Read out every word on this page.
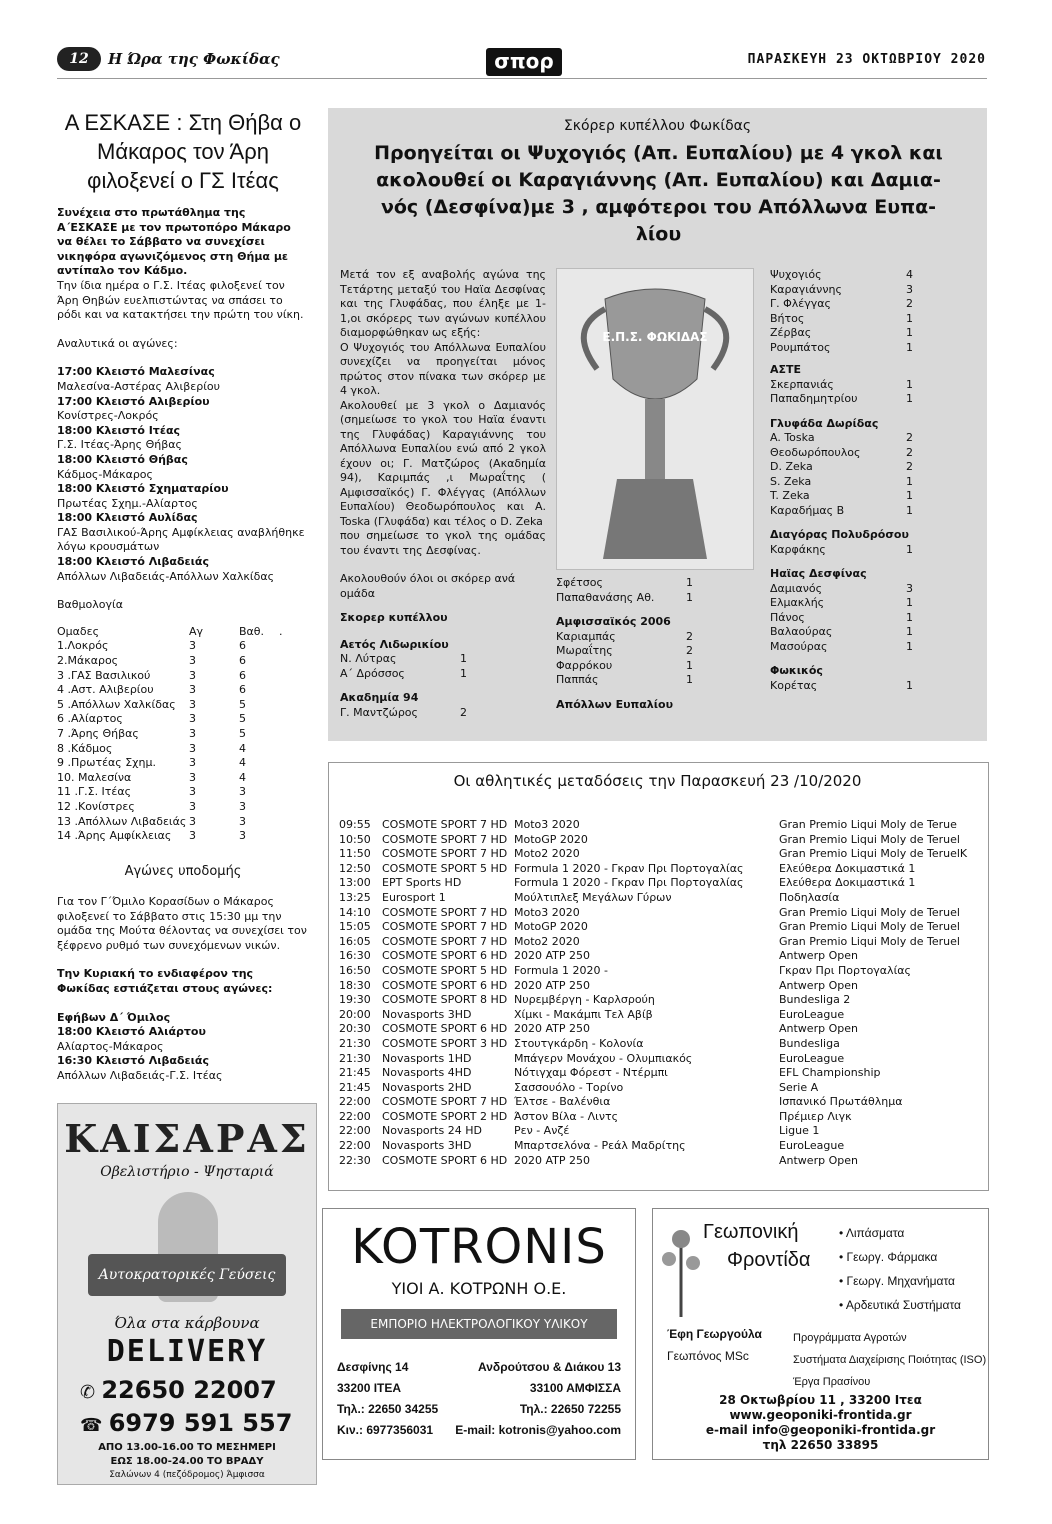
12	Η Ώρα της Φωκίδας	σπορ	ΠΑΡΑΣΚΕΥΗ 23 ΟΚΤΩΒΡΙΟΥ 2020
Α ΕΣΚΑΣΕ : Στη Θήβα ο
Μάκαρος τον Άρη
φιλοξενεί ο ΓΣ Ιτέας

Συνέχεια στο πρωτάθλημα της Α΄ΕΣΚΑΣΕ με τον πρωτοπόρο Μάκαρο να θέλει το Σάββατο να συνεχίσει νικηφόρα αγωνιζόμενος στη Θήμα με αντίπαλο τον Κάδμο.

Την ίδια ημέρα ο Γ.Σ. Ιτέας φιλοξενεί τον Άρη Θηβών ευελπιστώντας να σπάσει το ρόδι και να κατακτήσει την πρώτη του νίκη.

Αναλυτικά οι αγώνες:

17:00 Κλειστό Μαλεσίνας
Μαλεσίνα-Αστέρας Αλιβερίου
17:00 Κλειστό Αλιβερίου
Κονίστρες-Λοκρός
18:00 Κλειστό Ιτέας
Γ.Σ. Ιτέας-Άρης Θήβας
18:00 Κλειστό Θήβας
Κάδμος-Μάκαρος
18:00 Κλειστό Σχηματαρίου
Πρωτέας Σχημ.-Αλίαρτος
18:00 Κλειστό Αυλίδας
ΓΑΣ Βασιλικού-Άρης Αμφίκλειας αναβλήθηκε λόγω κρουσμάτων
18:00 Κλειστό Λιβαδειάς
Απόλλων Λιβαδειάς-Απόλλων Χαλκίδας

Βαθμολογία

Ομαδες	Αγ	Βαθ.	.
1.Λοκρός	3	6	
2.Μάκαρος	3	6	
3 .ΓΑΣ Βασιλικού	3	6	
4 .Αστ. Αλιβερίου	3	6	
5 .Απόλλων Χαλκίδας	3	5	
6 .Αλίαρτος	3	5	
7 .Άρης Θήβας	3	5	
8 .Κάδμος	3	4	
9 .Πρωτέας Σχημ.	3	4	
10. Μαλεσίνα	3	4	
11 .Γ.Σ. Ιτέας	3	3	
12 .Κονίστρες	3	3	
13 .Απόλλων Λιβαδειάς	3	3	
14 .Άρης Αμφίκλειας	3	3	
Αγώνες υποδομής

Για τον Γ΄Όμιλο Κορασίδων ο Μάκαρος φιλοξενεί το Σάββατο στις 15:30 μμ την ομάδα της Μούτα θέλοντας να συνεχίσει τον ξέφρενο ρυθμό των συνεχόμενων νικών.

Την Κυριακή το ενδιαφέρον της Φωκίδας εστιάζεται στους αγώνες:

Εφήβων Δ΄ Όμιλος

18:00 Κλειστό Αλιάρτου
Αλίαρτος-Μάκαρος
16:30 Κλειστό Λιβαδειάς
Απόλλων Λιβαδειάς-Γ.Σ. Ιτέας
ΚΑΙΣΑΡΑΣ
Οβελιστήριο - Ψησταριά
Αυτοκρατορικές Γεύσεις
Όλα στα κάρβουνα
DELIVERY
✆ 22650 22007
☎ 6979 591 557
ΑΠΟ 13.00-16.00 ΤΟ ΜΕΣΗΜΕΡΙ
ΕΩΣ 18.00-24.00 ΤΟ ΒΡΑΔΥ
Σαλώνων 4 (πεζόδρομος) Άμφισσα
Σκόρερ κυπέλλου Φωκίδας
Προηγείται οι Ψυχογιός (Απ. Ευπαλίου) με 4 γκολ και
ακολουθεί οι Καραγιάννης (Απ. Ευπαλίου) και Δαμια-
νός (Δεσφίνα)με 3 , αμφότεροι του Απόλλωνα Ευπα-
λίου

Μετά τον εξ αναβολής αγώνα της Τετάρτης μεταξύ του Ηαϊα Δεσφίνας και της Γλυφάδας, που έληξε με 1-1,οι σκόρερς των αγώνων κυπέλλου διαμορφώθηκαν ως εξής:

Ο Ψυχογιός του Απόλλωνα Ευπαλίου συνεχίζει να προηγείται μόνος πρώτος στον πίνακα των σκόρερ με 4 γκολ.

Ακολουθεί με 3 γκολ ο Δαμιανός (σημείωσε το γκολ του Ηαϊα έναντι της Γλυφάδας) Καραγιάννης του Απόλλωνα Ευπαλίου ενώ από 2 γκολ έχουν οι; Γ. Ματζώρος (Ακαδημία 94), Καριμπάς ,ι Μωραΐτης ( Αμφισσαϊκός) Γ. Φλέγγας (Απόλλων Ευπαλίου) Θεοδωρόπουλος και Α. Toska (Γλυφάδα) και τέλος ο D. Zeka

που σημείωσε το γκολ της ομάδας του έναντι της Δεσφίνας.

Ακολουθούν όλοι οι σκόρερ ανά ομάδα

Σκορερ κυπέλλου

Αετός Λιδωρικίου
Ν. Λύτρας	1
Α΄ Δρόσσος	1
Ακαδημία 94
Γ. Μαντζώρος	2
Ε.Π.Σ. ΦΩΚΙΔΑΣ
Σφέτσος	1
Παπαθανάσης Αθ.	1
Αμφισσαϊκός 2006
Καριαμπάς	2
Μωραΐτης	2
Φαρρόκου	1
Παππάς	1
Απόλλων Ευπαλίου
Ψυχογιός	4
Καραγιάννης	3
Γ. Φλέγγας	2
Βήτος	1
Ζέρβας	1
Ρουμπάτος	1
ΑΣΤΕ
Σκερπανιάς	1
Παπαδημητρίου	1
Γλυφάδα Δωρίδας
A. Toska	2
Θεοδωρόπουλος	2
D. Zeka	2
S. Zeka	1
T. Zeka	1
Καραδήμας Β	1
Διαγόρας Πολυδρόσου
Καρφάκης	1
Ηαϊας Δεσφίνας
Δαμιανός	3
Ελμακλής	1
Πάνος	1
Βαλαούρας	1
Μασούρας	1
Φωκικός
Κορέτας	1
Οι αθλητικές μεταδόσεις την Παρασκευή 23 /10/2020
09:55	COSMOTE SPORT 7 HD	Moto3 2020	Gran Premio Liqui Moly de Terue
10:50	COSMOTE SPORT 7 HD	MotoGP 2020	Gran Premio Liqui Moly de Teruel
11:50	COSMOTE SPORT 7 HD	Moto2 2020	Gran Premio Liqui Moly de TeruelK
12:50	COSMOTE SPORT 5 HD	Formula 1 2020 - Γκραν Πρι Πορτογαλίας	Ελεύθερα Δοκιμαστικά 1
13:00	EPT Sports HD	Formula 1 2020 - Γκραν Πρι Πορτογαλίας	Ελεύθερα Δοκιμαστικά 1
13:25	Eurosport 1	Μούλτιπλεξ Μεγάλων Γύρων	Ποδηλασία
14:10	COSMOTE SPORT 7 HD	Moto3 2020	Gran Premio Liqui Moly de Teruel
15:05	COSMOTE SPORT 7 HD	MotoGP 2020	Gran Premio Liqui Moly de Teruel
16:05	COSMOTE SPORT 7 HD	Moto2 2020	Gran Premio Liqui Moly de Teruel
16:30	COSMOTE SPORT 6 HD	2020 ATP 250	Antwerp Open
16:50	COSMOTE SPORT 5 HD	Formula 1 2020 -	Γκραν Πρι Πορτογαλίας
18:30	COSMOTE SPORT 6 HD	2020 ATP 250	Antwerp Open
19:30	COSMOTE SPORT 8 HD	Νυρεμβέργη - Καρλσρούη	Bundesliga 2
20:00	Novasports 3HD	Χίμκι - Μακάμπι Τελ Αβίβ	EuroLeague
20:30	COSMOTE SPORT 6 HD	2020 ATP 250	Antwerp Open
21:30	COSMOTE SPORT 3 HD	Στουτγκάρδη - Κολονία	Bundesliga
21:30	Novasports 1HD	Μπάγερν Μονάχου - Ολυμπιακός	EuroLeague
21:45	Novasports 4HD	Νότιγχαμ Φόρεστ - Ντέρμπι	EFL Championship
21:45	Novasports 2HD	Σασσουόλο - Τορίνο	Serie A
22:00	COSMOTE SPORT 7 HD	Έλτσε - Βαλένθια	Ισπανικό Πρωτάθλημα
22:00	COSMOTE SPORT 2 HD	Άστον Βίλα - Λιντς	Πρέμιερ Λιγκ
22:00	Novasports 24 HD	Ρεν - Ανζέ	Ligue 1
22:00	Novasports 3HD	Μπαρτσελόνα - Ρεάλ Μαδρίτης	EuroLeague
22:30	COSMOTE SPORT 6 HD	2020 ATP 250	Antwerp Open
KOTRONIS
ΥΙΟΙ Α. ΚΟΤΡΩΝΗ Ο.Ε.
ΕΜΠΟΡΙΟ ΗΛΕΚΤΡΟΛΟΓΙΚΟΥ ΥΛΙΚΟΥ
Δεσφίνης 14
33200 ΙΤΕΑ
Τηλ.: 22650 34255
Κιν.: 6977356031
Ανδρούτσου & Διάκου 13
33100 ΑΜΦΙΣΣΑ
Τηλ.: 22650 72255
E-mail: kotronis@yahoo.com
Γεωπονική
Φροντίδα
• Λιπάσματα
• Γεωργ. Φάρμακα
• Γεωργ. Μηχανήματα
• Αρδευτικά Συστήματα
Έφη Γεωργούλα
Γεωπόνος MSc
Προγράμματα Αγροτών
Συστήματα Διαχείρισης Ποιότητας (ISO)
Έργα Πρασίνου
28 Οκτωβρίου 11 , 33200 Ιτεα
www.geoponiki-frontida.gr
e-mail info@geoponiki-frontida.gr
τηλ 22650 33895
